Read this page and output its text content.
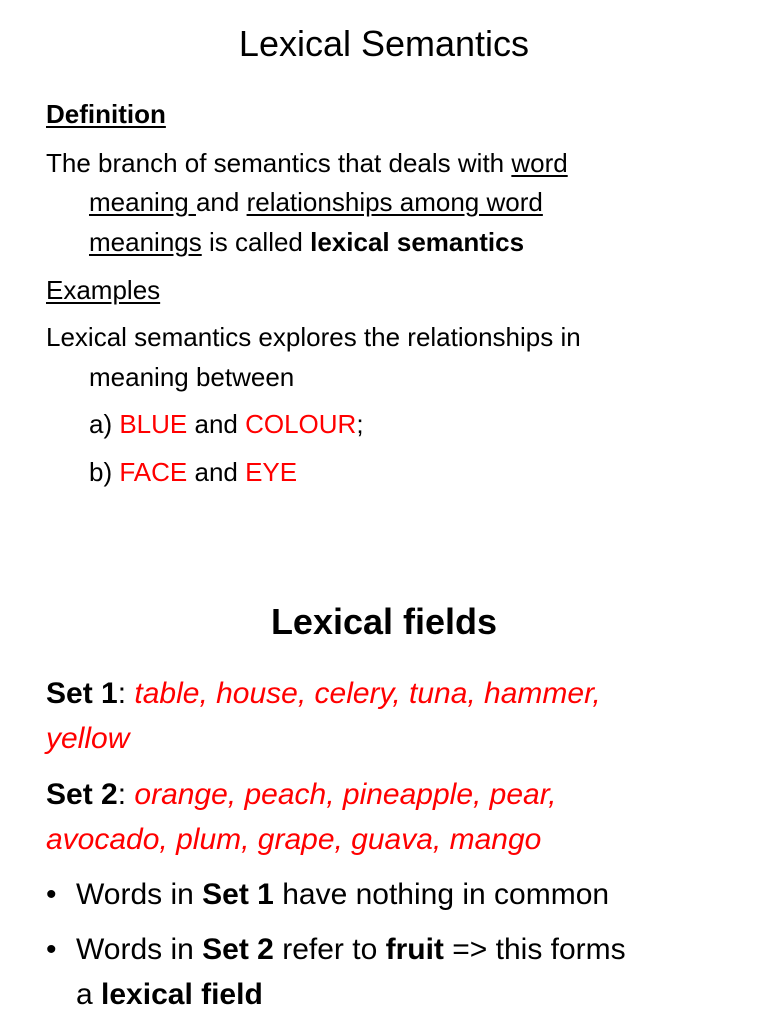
Lexical Semantics
Definition
The branch of semantics that deals with word
meaning and relationships among word
meanings is called lexical semantics
Examples
Lexical semantics explores the relationships in
meaning between
a) BLUE and COLOUR;
b) FACE and EYE
Lexical fields
Set 1: table, house, celery, tuna, hammer,
yellow
Set 2: orange, peach, pineapple, pear,
avocado, plum, grape, guava, mango
• Words in Set 1 have nothing in common
• Words in Set 2 refer to fruit => this forms
a lexical field
